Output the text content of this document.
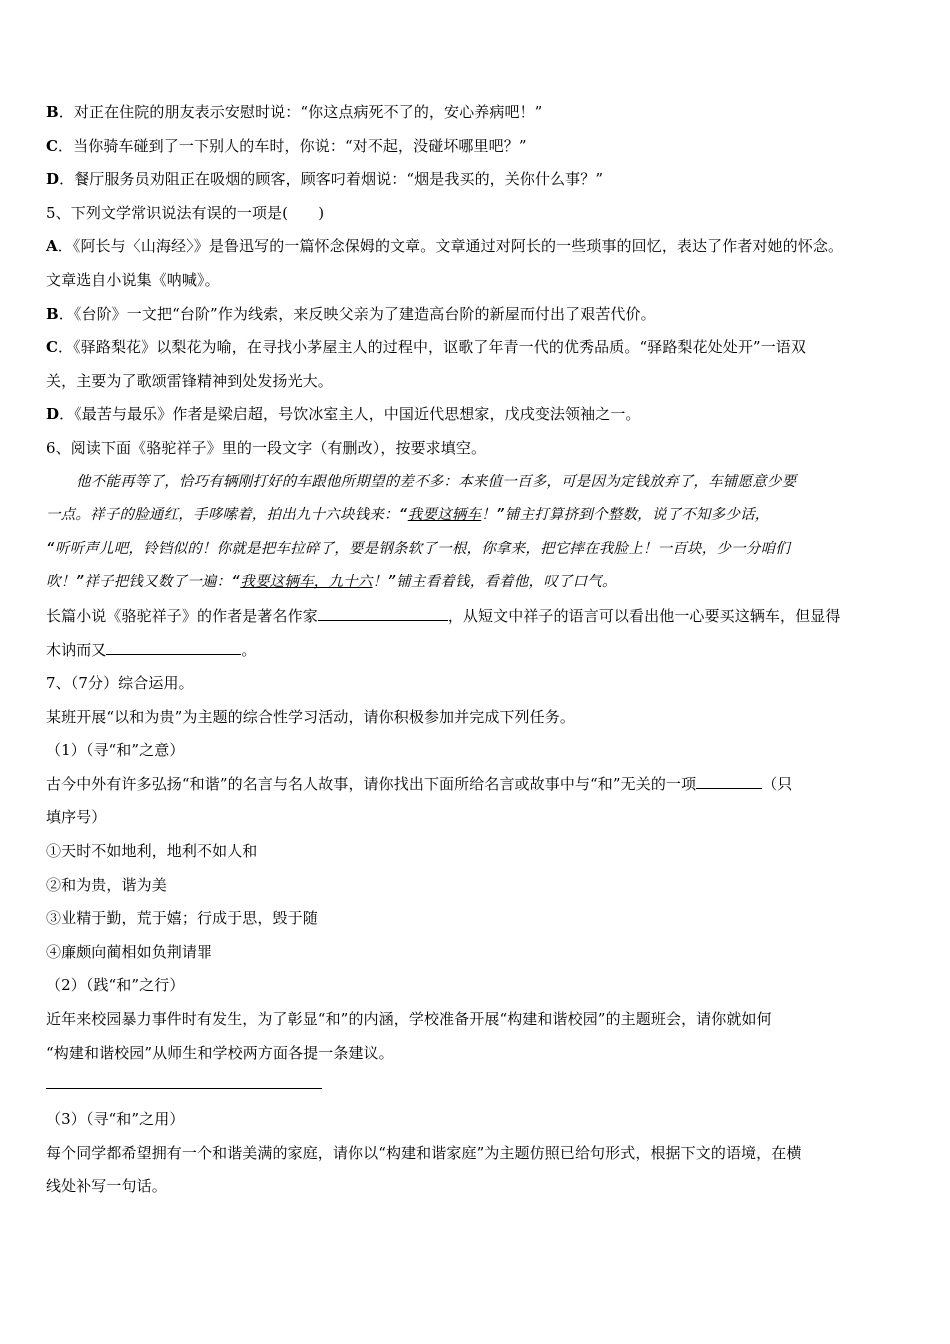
B．对正在住院的朋友表示安慰时说：“你这点病死不了的，安心养病吧！”
C．当你骑车碰到了一下别人的车时，你说：“对不起，没碰坏哪里吧？”
D．餐厅服务员劝阻正在吸烟的顾客，顾客叼着烟说：“烟是我买的，关你什么事？”
5、下列文学常识说法有误的一项是(　　)
A．《阿长与〈山海经〉》是鲁迅写的一篇怀念保姆的文章。文章通过对阿长的一些琐事的回忆，表达了作者对她的怀念。
文章选自小说集《呐喊》。
B．《台阶》一文把“台阶”作为线索，来反映父亲为了建造高台阶的新屋而付出了艰苦代价。
C．《驿路梨花》以梨花为喻，在寻找小茅屋主人的过程中，讴歌了年青一代的优秀品质。“驿路梨花处处开”一语双
关，主要为了歌颂雷锋精神到处发扬光大。
D．《最苦与最乐》作者是梁启超，号饮冰室主人，中国近代思想家，戊戌变法领袖之一。
6、阅读下面《骆驼祥子》里的一段文字（有删改），按要求填空。
他不能再等了，恰巧有辆刚打好的车跟他所期望的差不多：本来值一百多，可是因为定钱放弃了，车铺愿意少要
一点。祥子的脸通红，手哆嗦着，拍出九十六块钱来：“我要这辆车！”铺主打算挤到个整数，说了不知多少话，
“听听声儿吧，铃铛似的！你就是把车拉碎了，要是钢条软了一根，你拿来，把它摔在我脸上！一百块，少一分咱们
吹！”祥子把钱又数了一遍：“我要这辆车，九十六！”铺主看着钱，看着他，叹了口气。
长篇小说《骆驼祥子》的作者是著名作家	，从短文中祥子的语言可以看出他一心要买这辆车，但显得
木讷而又	。
7、（7分）综合运用。
某班开展“以和为贵”为主题的综合性学习活动，请你积极参加并完成下列任务。
（1）（寻“和”之意）
古今中外有许多弘扬“和谐”的名言与名人故事，请你找出下面所给名言或故事中与“和”无关的一项	（只
填序号）
①天时不如地利，地利不如人和
②和为贵，谐为美
③业精于勤，荒于嬉；行成于思，毁于随
④廉颇向蔺相如负荆请罪
（2）（践“和”之行）
近年来校园暴力事件时有发生，为了彰显“和”的内涵，学校准备开展“构建和谐校园”的主题班会，请你就如何
“构建和谐校园”从师生和学校两方面各提一条建议。
（3）（寻“和”之用）
每个同学都希望拥有一个和谐美满的家庭，请你以“构建和谐家庭”为主题仿照已给句形式，根据下文的语境，在横
线处补写一句话。
